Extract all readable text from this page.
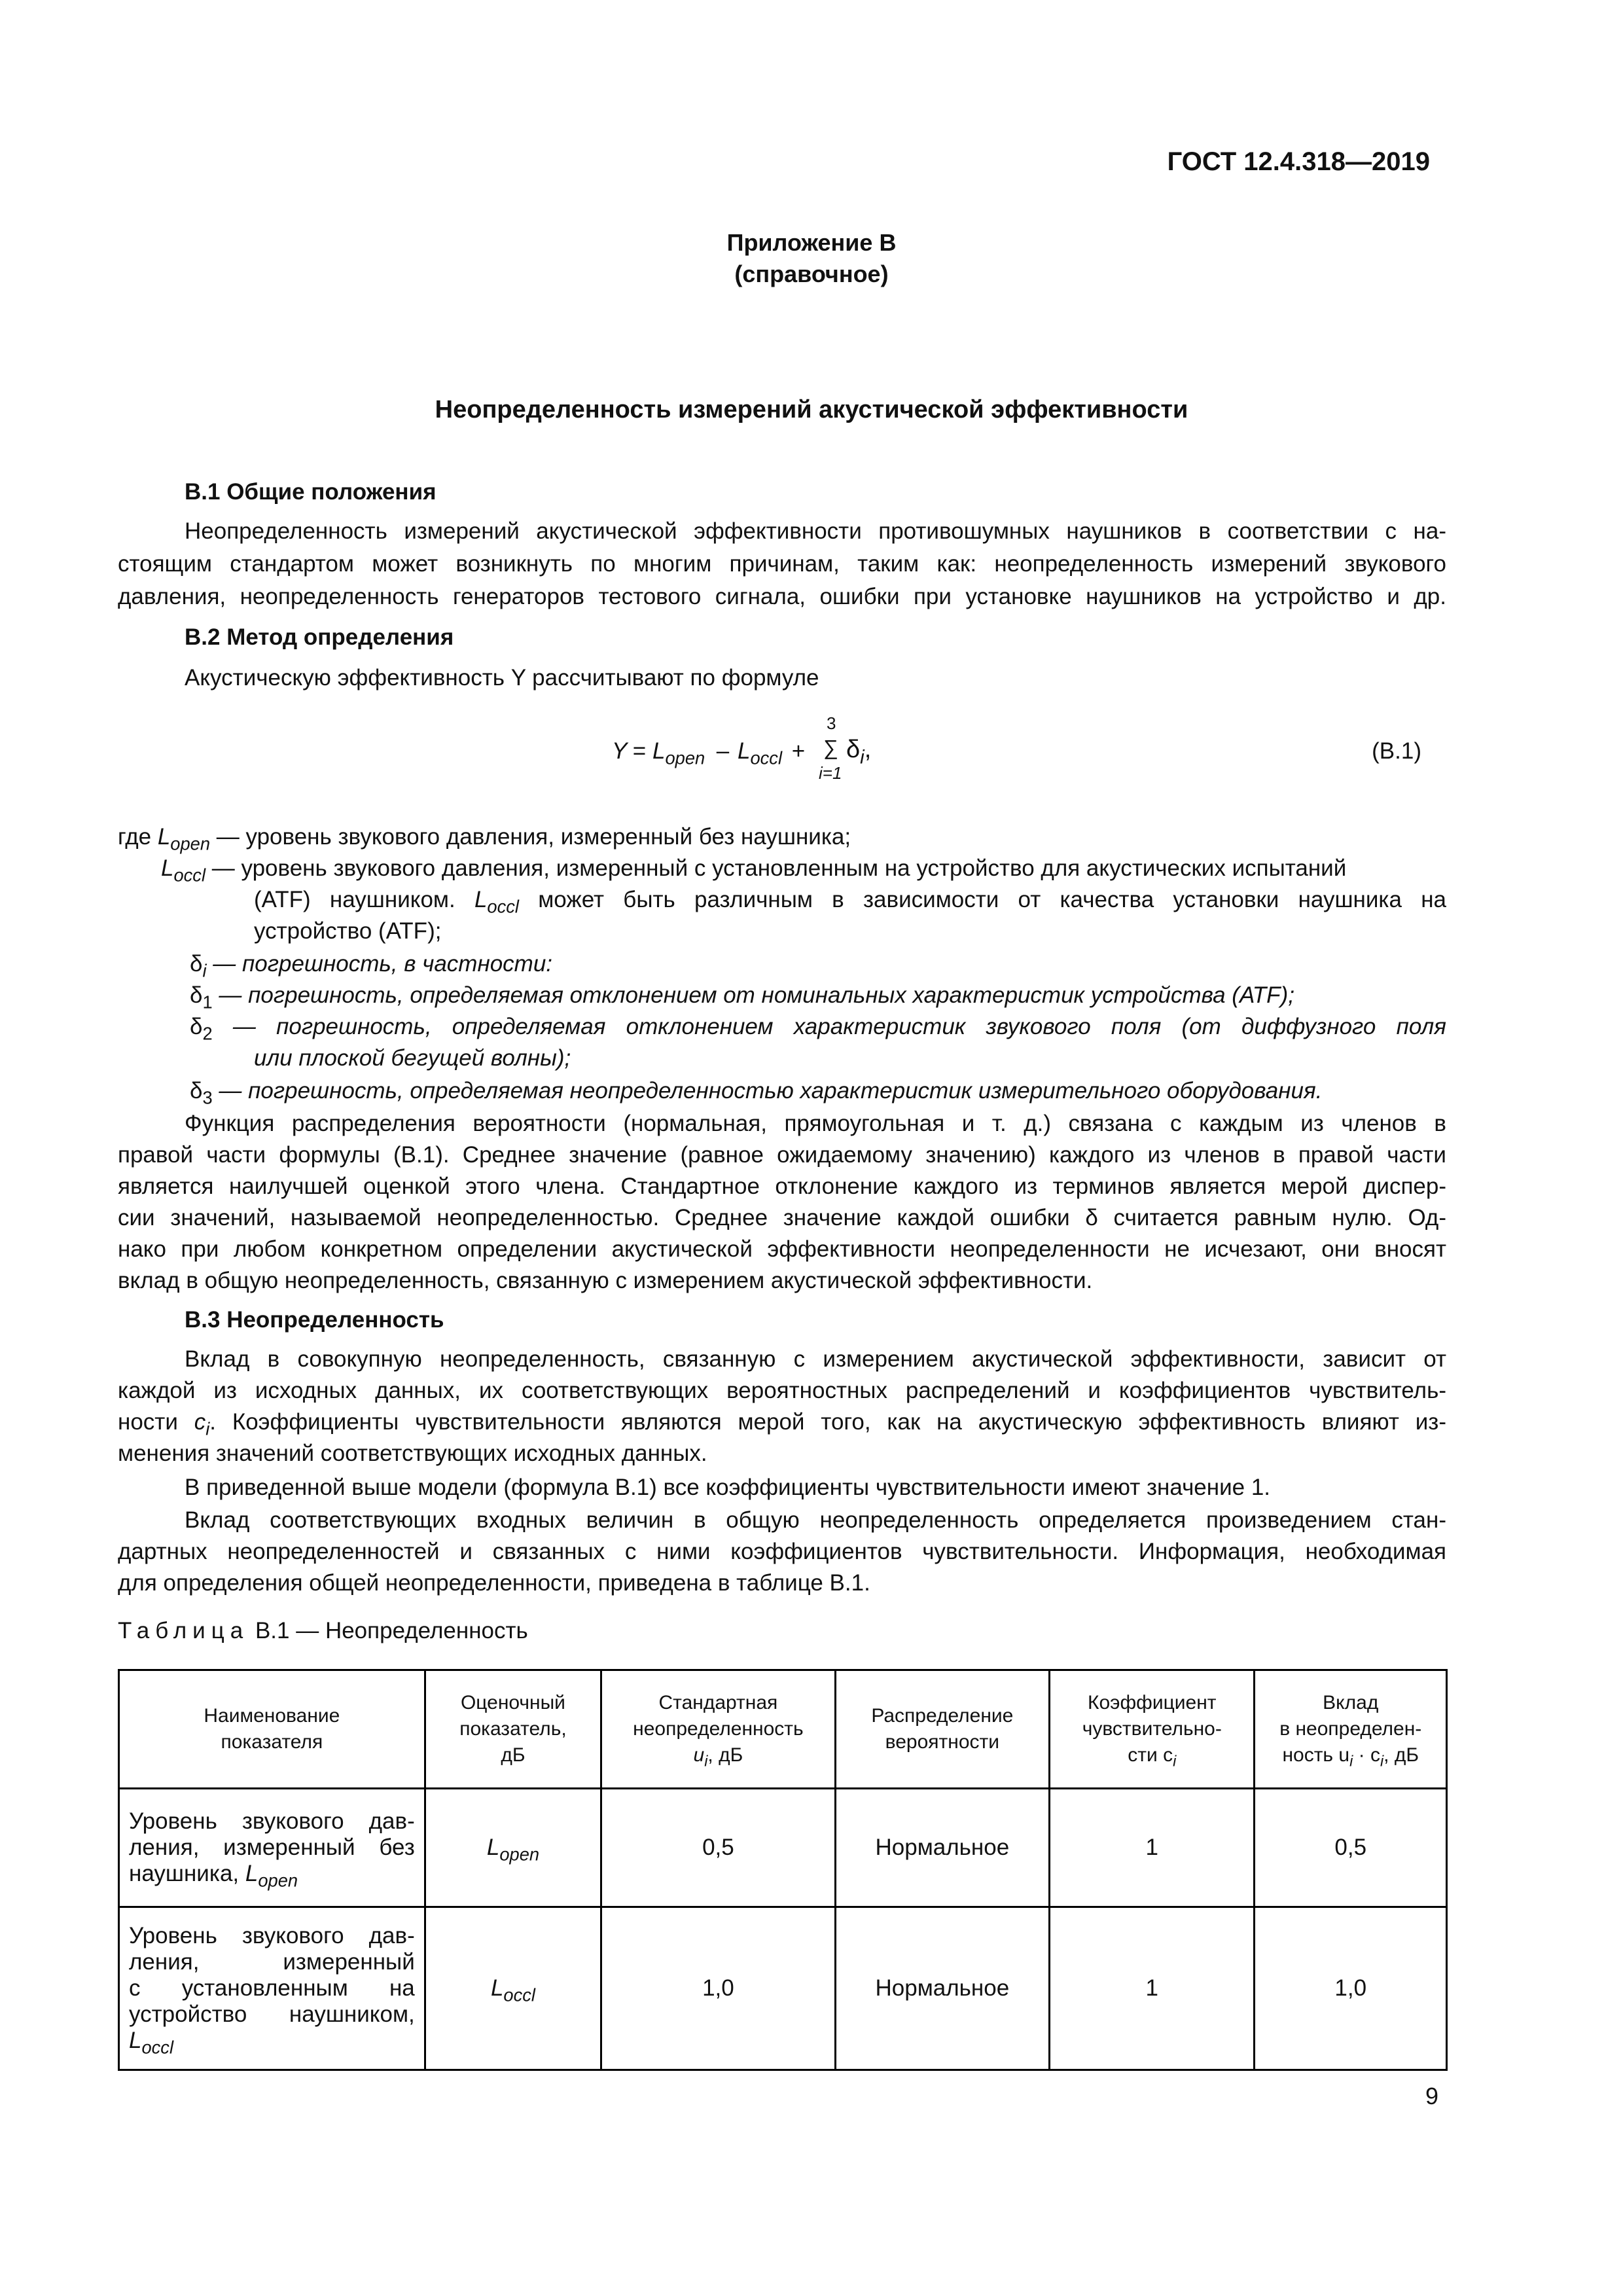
ГОСТ 12.4.318—2019
Приложение В
(справочное)
Неопределенность измерений акустической эффективности
В.1 Общие положения
Неопределенность измерений акустической эффективности противошумных наушников в соответствии с на-
стоящим стандартом может возникнуть по многим причинам, таким как: неопределенность измерений звукового
давления, неопределенность генераторов тестового сигнала, ошибки при установке наушников на устройство и др.
В.2 Метод определения
Акустическую эффективность Y рассчитывают по формуле
Y
= $L_{open} - L_{occl}$ +
3
∑
i=1
$\delta_i$,	(В.1)
где $L_{open}$ — уровень звукового давления, измеренный без наушника;
$L_{occl}$ — уровень звукового давления, измеренный с установленным на устройство для акустических испытаний
(АТF) наушником. $L_{occl}$ может быть различным в зависимости от качества установки наушника на
устройство (АТF);
$\delta_i$ — погрешность, в частности:
$\delta_1$ — погрешность, определяемая отклонением от номинальных характеристик устройства (АТF);
$\delta_2$ — погрешность, определяемая отклонением характеристик звукового поля (от диффузного поля
или плоской бегущей волны);
$\delta_3$ — погрешность, определяемая неопределенностью характеристик измерительного оборудования.
Функция распределения вероятности (нормальная, прямоугольная и т. д.) связана с каждым из членов в
правой части формулы (В.1). Среднее значение (равное ожидаемому значению) каждого из членов в правой части
является наилучшей оценкой этого члена. Стандартное отклонение каждого из терминов является мерой диспер-
сии значений, называемой неопределенностью. Среднее значение каждой ошибки δ считается равным нулю. Од-
нако при любом конкретном определении акустической эффективности неопределенности не исчезают, они вносят
вклад в общую неопределенность, связанную с измерением акустической эффективности.
В.3 Неопределенность
Вклад в совокупную неопределенность, связанную с измерением акустической эффективности, зависит от
каждой из исходных данных, их соответствующих вероятностных распределений и коэффициентов чувствитель-
ности $c_i$. Коэффициенты чувствительности являются мерой того, как на акустическую эффективность влияют из-
менения значений соответствующих исходных данных.
В приведенной выше модели (формула В.1) все коэффициенты чувствительности имеют значение 1.
Вклад соответствующих входных величин в общую неопределенность определяется произведением стан-
дартных неопределенностей и связанных с ними коэффициентов чувствительности. Информация, необходимая
для определения общей неопределенности, приведена в таблице В.1.
Таблица В.1 — Неопределенность
Наименование
показателя	Оценочный
показатель,
дБ	Стандартная
неопределенность
$u_i$, дБ	Распределение
вероятности	Коэффициент
чувствительно-
сти $c_i$	Вклад
в неопределен-
ность $u_i \cdot c_i$, дБ

Уровень звукового дав-
ления, измеренный без
наушника, $L_{open}$	$L_{open}$	0,5	Нормальное	1	0,5

Уровень звукового дав-
ления,          измеренный
с установленным на
устройство наушником,
$L_{occl}$	$L_{occl}$	1,0	Нормальное	1	1,0
9
